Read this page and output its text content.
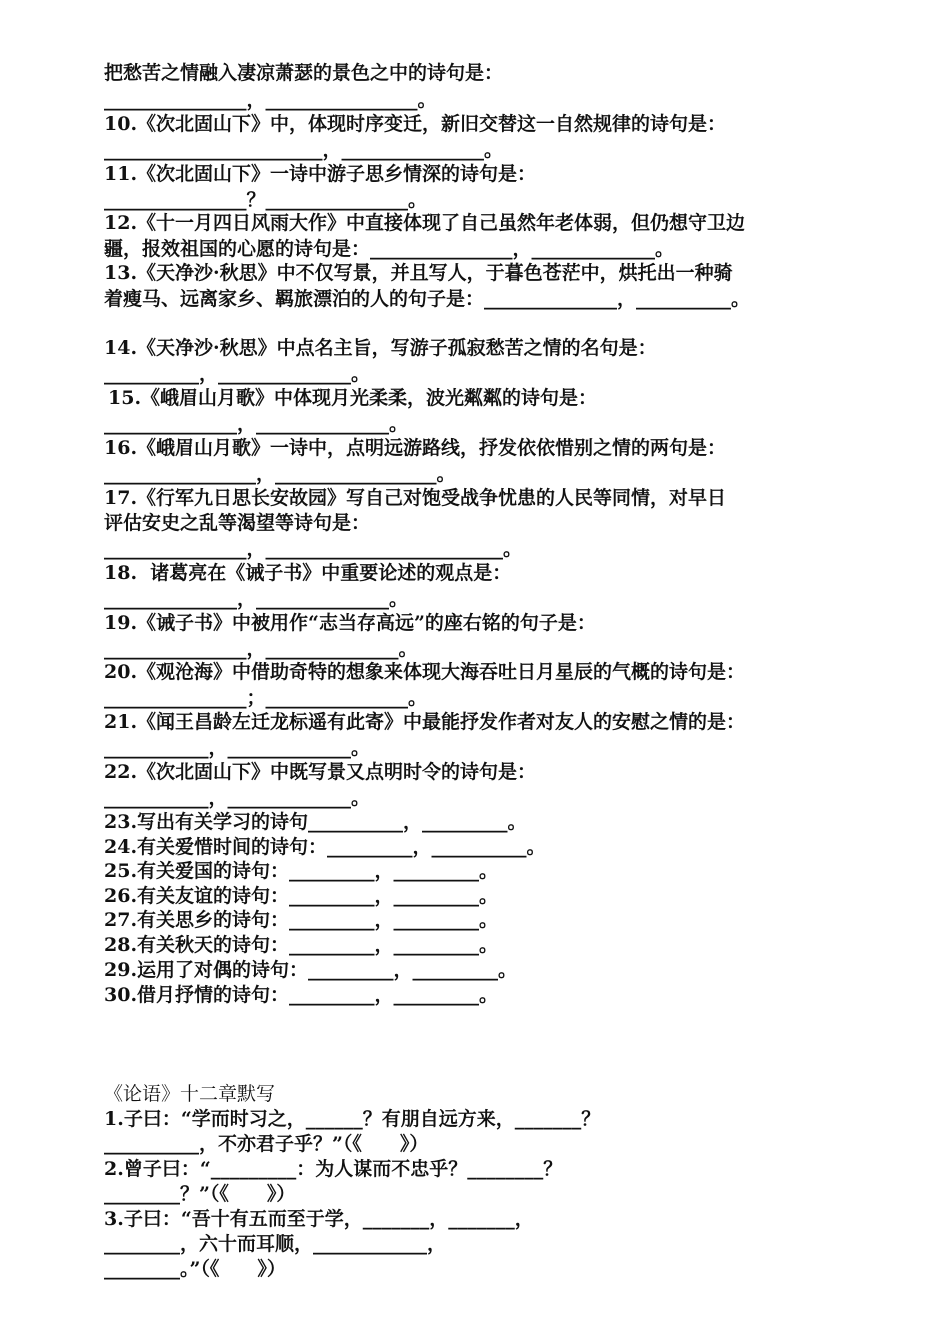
把愁苦之情融入凄凉萧瑟的景色之中的诗句是：
_______________，________________。
10.《次北固山下》中，体现时序变迁，新旧交替这一自然规律的诗句是：
_______________________，_______________。
11.《次北固山下》一诗中游子思乡情深的诗句是：
_______________？_______________。
12.《十一月四日风雨大作》中直接体现了自己虽然年老体弱，但仍想守卫边
疆，报效祖国的心愿的诗句是：_______________，_____________。
13.《天净沙·秋思》中不仅写景，并且写人，于暮色苍茫中，烘托出一种骑
着瘦马、远离家乡、羁旅漂泊的人的句子是：______________，__________。
14.《天净沙·秋思》中点名主旨，写游子孤寂愁苦之情的名句是：
__________，______________。
15.《峨眉山月歌》中体现月光柔柔，波光粼粼的诗句是：
______________，______________。
16.《峨眉山月歌》一诗中，点明远游路线，抒发依依惜别之情的两句是：
________________，_________________。
17.《行军九日思长安故园》写自己对饱受战争忧患的人民等同情，对早日
评估安史之乱等渴望等诗句是：
_______________，_________________________。
18.  诸葛亮在《诫子书》中重要论述的观点是：
______________，______________。
19.《诫子书》中被用作“志当存高远”的座右铭的句子是：
_______________，______________。
20.《观沧海》中借助奇特的想象来体现大海吞吐日月星辰的气概的诗句是：
_______________；_______________。
21.《闻王昌龄左迁龙标遥有此寄》中最能抒发作者对友人的安慰之情的是：
___________，_____________。
22.《次北固山下》中既写景又点明时令的诗句是：
___________，_____________。
23.写出有关学习的诗句__________，_________。
24.有关爱惜时间的诗句：_________，__________。
25.有关爱国的诗句：_________，_________。
26.有关友谊的诗句：_________，_________。
27.有关思乡的诗句：_________，_________。
28.有关秋天的诗句：_________，_________。
29.运用了对偶的诗句：_________，_________。
30.借月抒情的诗句：_________，_________。
《论语》十二章默写
1.子曰：“学而时习之，______？有朋自远方来，_______？
__________，不亦君子乎？”（《　　》）
2.曾子曰：“_________：为人谋而不忠乎？________？
________？”（《　　》）
3.子曰：“吾十有五而至于学，_______，_______，
________，六十而耳顺，____________，
________。”（《　　》）
